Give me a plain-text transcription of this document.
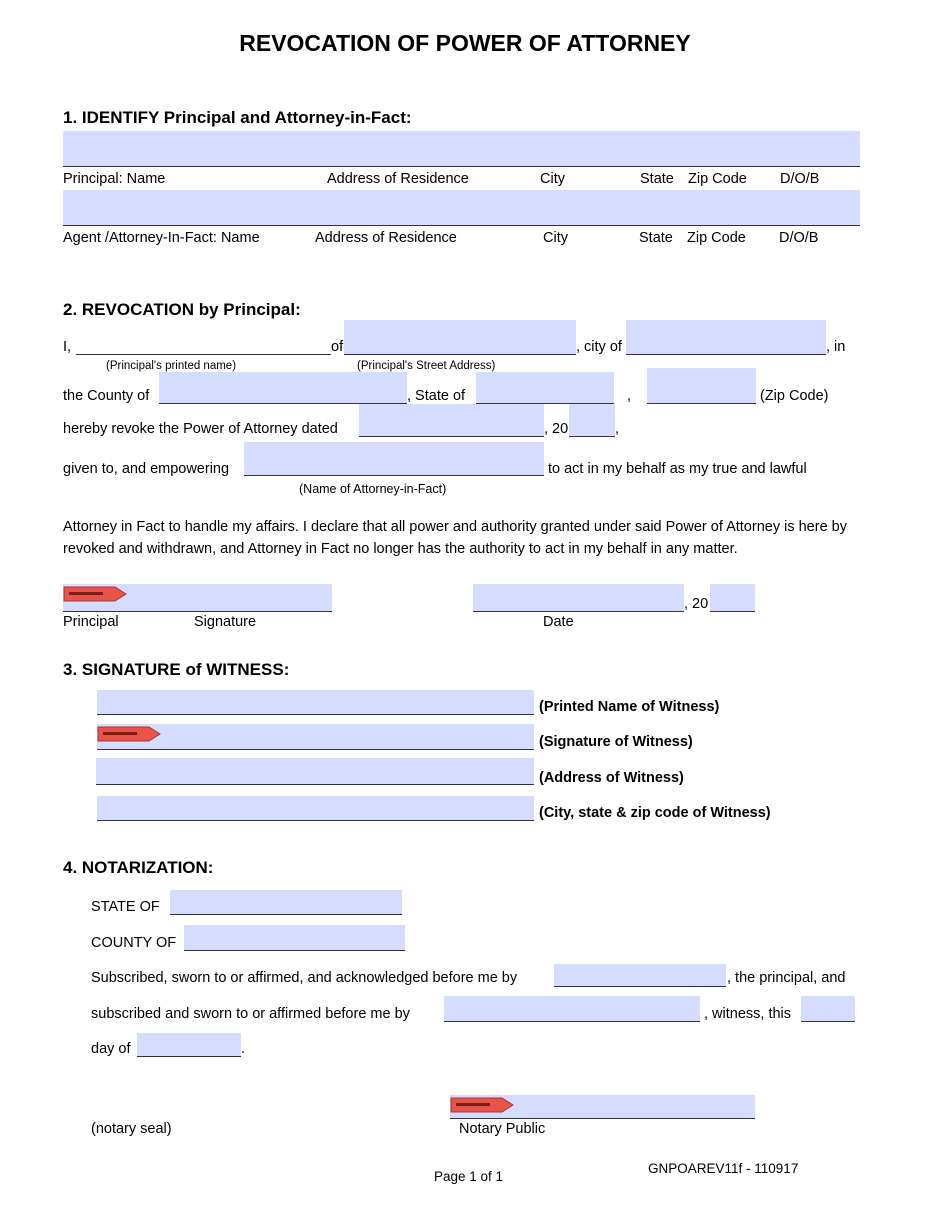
REVOCATION OF POWER OF ATTORNEY
1. IDENTIFY Principal and Attorney-in-Fact:
Principal: Name	Address of Residence	City	State Zip Code D/O/B
Agent /Attorney-In-Fact: Name	Address of Residence	City	State Zip Code D/O/B
2. REVOCATION by Principal:
I,	of	, city of	, in
(Principal's printed name)	(Principal's Street Address)
the County of	, State of	,	(Zip Code)
hereby revoke the Power of Attorney dated	, 20	,
given to, and empowering	to act in my behalf as my true and lawful
(Name of Attorney-in-Fact)
Attorney in Fact to handle my affairs. I declare that all power and authority granted under said Power of Attorney is here by revoked and withdrawn, and Attorney in Fact no longer has the authority to act in my behalf in any matter.
, 20
Principal	Signature	Date
3. SIGNATURE of WITNESS:
(Printed Name of Witness)
(Signature of Witness)
(Address of Witness)
(City, state & zip code of Witness)
4. NOTARIZATION:
STATE OF
COUNTY OF
Subscribed, sworn to or affirmed, and acknowledged before me by	, the principal, and
subscribed and sworn to or affirmed before me by	, witness, this
day of	.
(notary seal)	Notary Public
Page 1 of 1
GNPOAREV11f - 110917
